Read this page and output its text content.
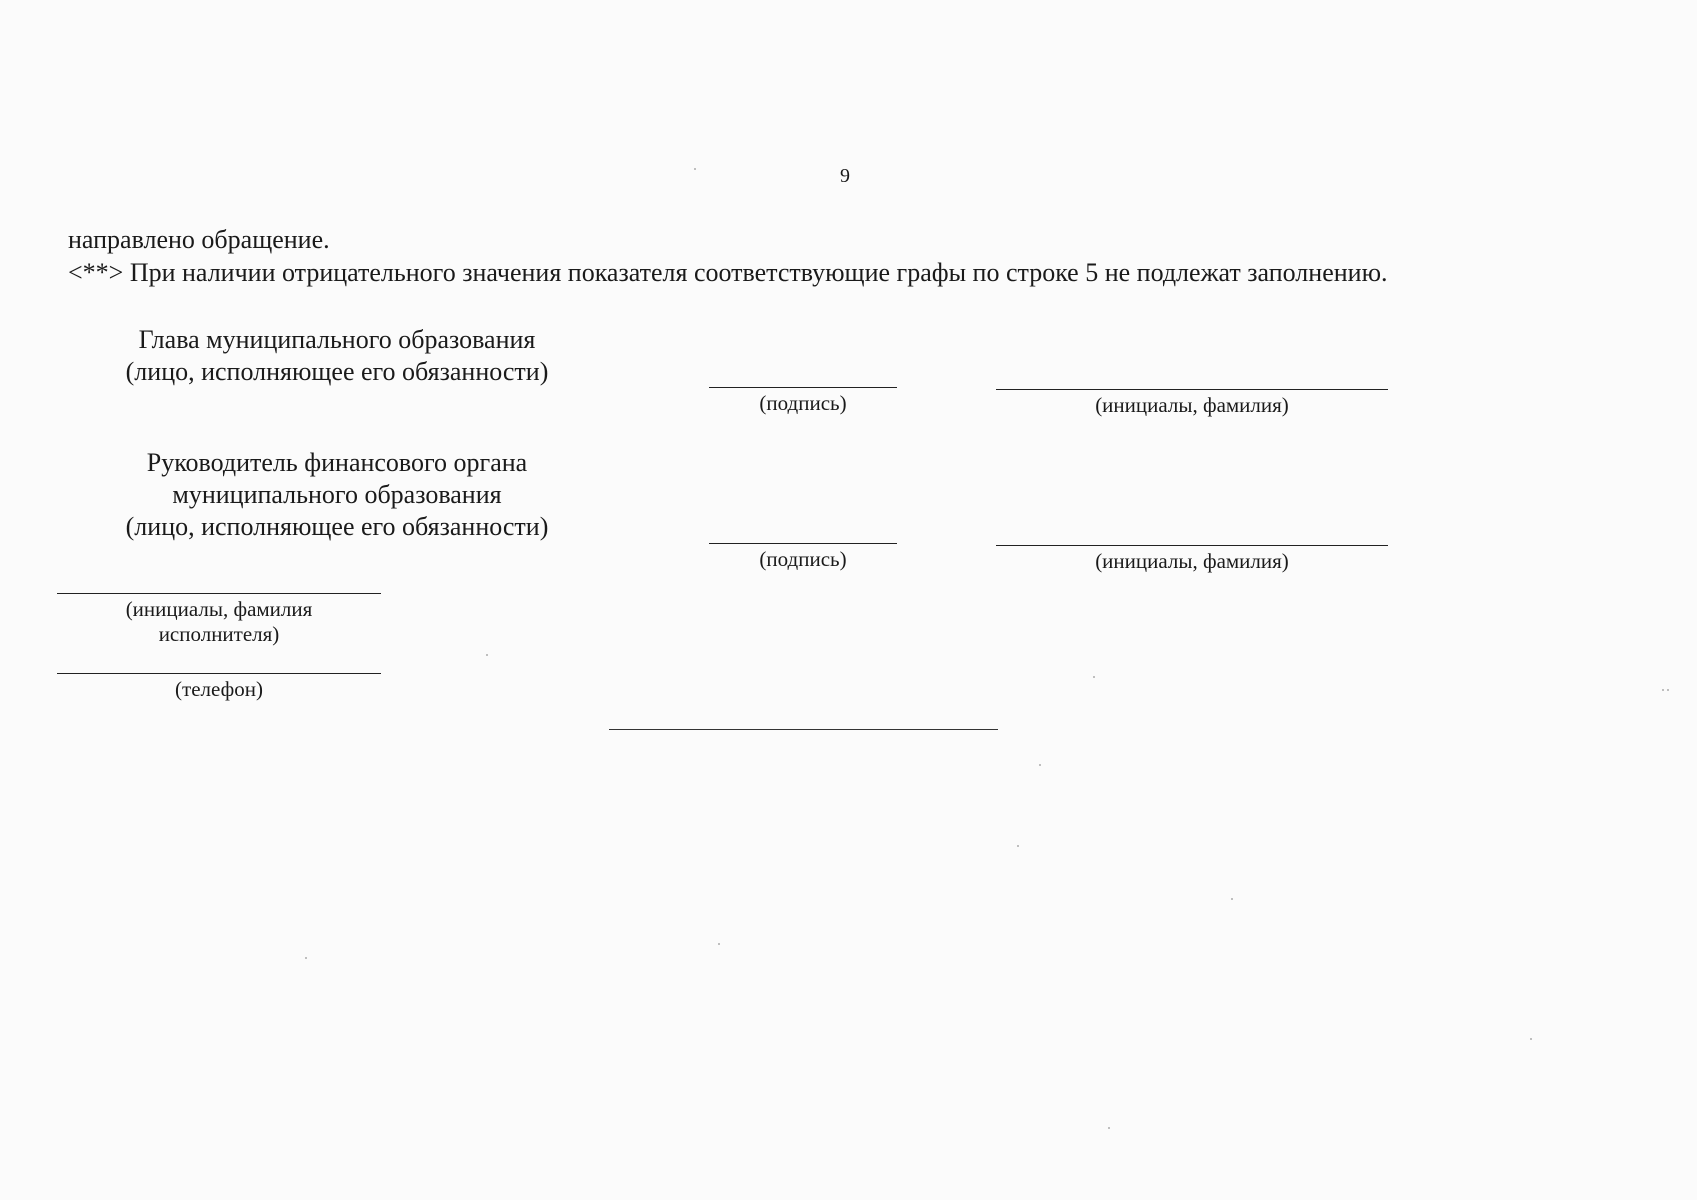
9
направлено обращение.
<**> При наличии отрицательного значения показателя соответствующие графы по строке 5 не подлежат заполнению.
Глава муниципального образования
(лицо, исполняющее его обязанности)
(подпись)	(инициалы, фамилия)
Руководитель финансового органа
муниципального образования
(лицо, исполняющее его обязанности)
(подпись)	(инициалы, фамилия)
(инициалы, фамилия
исполнителя)
(телефон)
